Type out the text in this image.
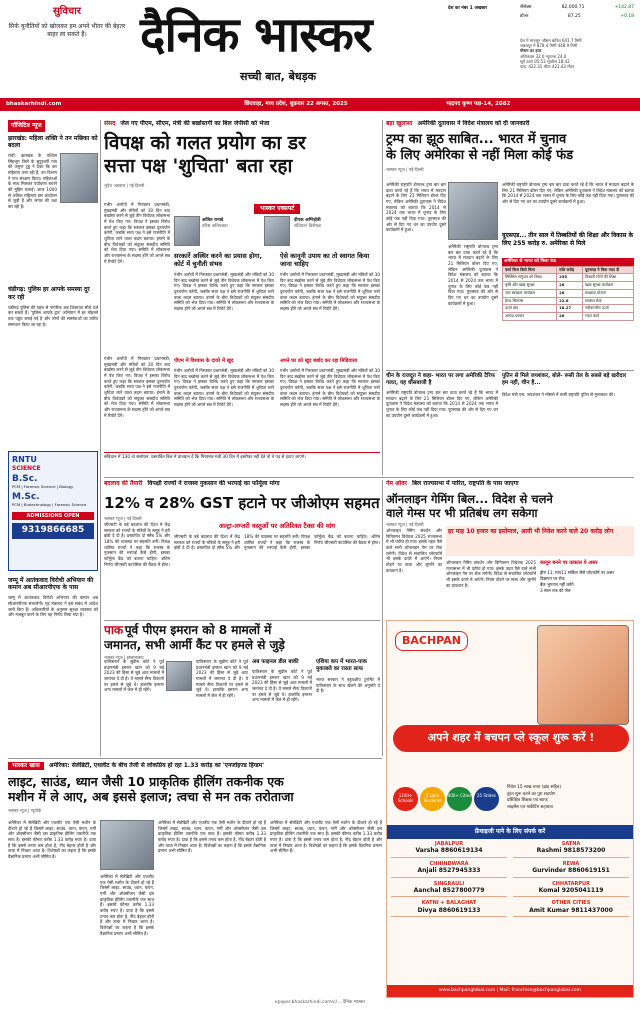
सुविचार
सिर्फ चुनौतियों को खोजकर हम अपने भीतर की बेहतर बाहर ला सकते हैं।	दैनिक भास्कर
सच्ची बात, बेधड़क
देश का नंबर 1 अखबार	सेंसेक्स	82,000.71	+142.87
डॉलर	87.25	+0.18
देश में मानसून औसत बारिश 641.7 मिमी
जबलपुर में 878.4 मिमी 448.9 मिमी
मौसम का हाल
अधिकतम 32.0 न्यूनतम 24.0
सूर्य उदय 05:53 सूर्यास्त 18:42
चांद: 422.31 मीटर 423.43 मीटर
bhaskarhindi.com	छिंदवाड़ा, मध्य प्रदेश, शुक्रवार 22 अगस्त, 2025	भाद्रपद कृष्ण पक्ष-14, 2082
पॉजिटिव न्यूज
झारखंड: महिला शक्ति ने तन मछिका को बदला
रांची: झारखंड के पश्चिम सिंहभूम जिले के सुदूरवर्ती गांव की जमुना टुडू ने ठेका कि कर महिलाएं जगा रही हैं, वन विभाग ने गांव संरक्षण किया। महिलाओं के साथ मिलकर पर्यावरण बचाने की मुहिम चलाई। आज 1000 से अधिक महिलाएं इस आंदोलन से जुड़ी हैं और जंगल की रक्षा कर रही हैं।
चंडीगढ़: पुलिस हर आपके समस्या दूर कर रही
चंडीगढ़ पुलिस की पहल से नागरिक अब शिकायत सीधे दर्ज कर सकते हैं। 'पुलिस आपके द्वार' अभियान में हर मोहल्ले तक पहुंच बनाई गई है और लोगों की समस्याओं का त्वरित समाधान किया जा रहा है।
RNTU
SCIENCE
B.Sc.
PCM | Forensic Science | Biology
M.Sc.
PCM | Biotechnology | Forensic Science
ADMISSIONS OPEN
9319866685
जम्मू में आतंकवाद विरोधी अभियान की कमान अब सीआरपीएफ के पास
जम्मू में आतंकवाद विरोधी अभियान की कमान अब सीआरपीएफ संभालेगी। गृह मंत्रालय ने इस संबंध में आदेश जारी किए हैं। अधिकारियों के अनुसार सुरक्षा व्यवस्था को और मजबूत करने के लिए यह निर्णय लिया गया है।
संसद जेल गए पीएम, सीएम, मंत्री की बर्खास्तगी का बिल जेपीसी को भेजा
विपक्ष को गलत प्रयोग का डर
सत्ता पक्ष 'शुचिता' बता रहा
भूपेश अग्रवाल | नई दिल्ली
गंभीर आरोपों में गिरफ्तार प्रधानमंत्री, मुख्यमंत्री और मंत्रियों को 30 दिन बाद बर्खास्त करने से जुड़े तीन विधेयक लोकसभा में पेश किए गए। विपक्ष ने इसका विरोध करते हुए कहा कि सरकार इसका दुरुपयोग करेगी, जबकि सत्ता पक्ष ने इसे राजनीति में शुचिता लाने वाला कदम बताया। हंगामे के बीच विधेयकों को संयुक्त संसदीय समिति को भेज दिया गया। समिति में लोकसभा और राज्यसभा के सदस्य होंगे जो अगले सत्र में रिपोर्ट देंगे।
भास्कर एक्सपर्ट
अजित रानाडे
वरिष्ठ अधिवक्ता
दीपक अग्निहोत्री
संविधान विशेषज्ञ
सरकारें अस्थिर करने का प्रयास होगा, कोर्ट में चुनौती संभव
ऐसे कानूनी उपाय का तो स्वागत किया जाना चाहिए
गंभीर आरोपों में गिरफ्तार प्रधानमंत्री, मुख्यमंत्री और मंत्रियों को 30 दिन बाद बर्खास्त करने से जुड़े तीन विधेयक लोकसभा में पेश किए गए। विपक्ष ने इसका विरोध करते हुए कहा कि सरकार इसका दुरुपयोग करेगी, जबकि सत्ता पक्ष ने इसे राजनीति में शुचिता लाने वाला कदम बताया। हंगामे के बीच विधेयकों को संयुक्त संसदीय समिति को भेज दिया गया। समिति में लोकसभा और राज्यसभा के सदस्य होंगे जो अगले सत्र में रिपोर्ट देंगे।
गंभीर आरोपों में गिरफ्तार प्रधानमंत्री, मुख्यमंत्री और मंत्रियों को 30 दिन बाद बर्खास्त करने से जुड़े तीन विधेयक लोकसभा में पेश किए गए। विपक्ष ने इसका विरोध करते हुए कहा कि सरकार इसका दुरुपयोग करेगी, जबकि सत्ता पक्ष ने इसे राजनीति में शुचिता लाने वाला कदम बताया। हंगामे के बीच विधेयकों को संयुक्त संसदीय समिति को भेज दिया गया। समिति में लोकसभा और राज्यसभा के सदस्य होंगे जो अगले सत्र में रिपोर्ट देंगे।
पीएम में विश्वास के दायरे में खुद	अपने घर को खुद बर्बाद कर रहा मिडियाला
गंभीर आरोपों में गिरफ्तार प्रधानमंत्री, मुख्यमंत्री और मंत्रियों को 30 दिन बाद बर्खास्त करने से जुड़े तीन विधेयक लोकसभा में पेश किए गए। विपक्ष ने इसका विरोध करते हुए कहा कि सरकार इसका दुरुपयोग करेगी, जबकि सत्ता पक्ष ने इसे राजनीति में शुचिता लाने वाला कदम बताया। हंगामे के बीच विधेयकों को संयुक्त संसदीय समिति को भेज दिया गया। समिति में लोकसभा और राज्यसभा के सदस्य होंगे जो अगले सत्र में रिपोर्ट देंगे।
गंभीर आरोपों में गिरफ्तार प्रधानमंत्री, मुख्यमंत्री और मंत्रियों को 30 दिन बाद बर्खास्त करने से जुड़े तीन विधेयक लोकसभा में पेश किए गए। विपक्ष ने इसका विरोध करते हुए कहा कि सरकार इसका दुरुपयोग करेगी, जबकि सत्ता पक्ष ने इसे राजनीति में शुचिता लाने वाला कदम बताया। हंगामे के बीच विधेयकों को संयुक्त संसदीय समिति को भेज दिया गया। समिति में लोकसभा और राज्यसभा के सदस्य होंगे जो अगले सत्र में रिपोर्ट देंगे।
गंभीर आरोपों में गिरफ्तार प्रधानमंत्री, मुख्यमंत्री और मंत्रियों को 30 दिन बाद बर्खास्त करने से जुड़े तीन विधेयक लोकसभा में पेश किए गए। विपक्ष ने इसका विरोध करते हुए कहा कि सरकार इसका दुरुपयोग करेगी, जबकि सत्ता पक्ष ने इसे राजनीति में शुचिता लाने वाला कदम बताया। हंगामे के बीच विधेयकों को संयुक्त संसदीय समिति को भेज दिया गया। समिति में लोकसभा और राज्यसभा के सदस्य होंगे जो अगले सत्र में रिपोर्ट देंगे।
संविधान में 130 वां संशोधन: प्रस्तावित बिल में प्रावधान है कि गिरफ्तार मंत्री 30 दिन में इस्तीफा नहीं देते तो वे पद से हटाए जाएंगे।
बड़ा खुलासा अमेरिकी दूतावास ने विदेश मंत्रालय को दी जानकारी
ट्रम्प का झूठ साबित... भारत में चुनाव
के लिए अमेरिका से नहीं मिला कोई फंड
भास्कर न्यूज | नई दिल्ली
अमेरिकी राष्ट्रपति डोनाल्ड ट्रम्प बार बार दावा करते रहे हैं कि भारत में मतदान बढ़ाने के लिए 21 मिलियन डॉलर दिए गए, लेकिन अमेरिकी दूतावास ने विदेश मंत्रालय को बताया कि 2014 से 2024 तक भारत में चुनाव के लिए कोई फंड नहीं दिया गया। यूएसएड की ओर से दिए गए धन का उपयोग दूसरे कार्यक्रमों में हुआ।
अमेरिकी राष्ट्रपति डोनाल्ड ट्रम्प बार बार दावा करते रहे हैं कि भारत में मतदान बढ़ाने के लिए 21 मिलियन डॉलर दिए गए, लेकिन अमेरिकी दूतावास ने विदेश मंत्रालय को बताया कि 2014 से 2024 तक भारत में चुनाव के लिए कोई फंड नहीं दिया गया। यूएसएड की ओर से दिए गए धन का उपयोग दूसरे कार्यक्रमों में हुआ।
अमेरिकी राष्ट्रपति डोनाल्ड ट्रम्प बार बार दावा करते रहे हैं कि भारत में मतदान बढ़ाने के लिए 21 मिलियन डॉलर दिए गए, लेकिन अमेरिकी दूतावास ने विदेश मंत्रालय को बताया कि 2014 से 2024 तक भारत में चुनाव के लिए कोई फंड नहीं दिया गया। यूएसएड की ओर से दिए गए धन का उपयोग दूसरे कार्यक्रमों में हुआ।
यूएसएड... तीन साल में तिब्बतियों की शिक्षा और विकास के लिए 255 करोड़ रु. अमेरिका से मिले
अमेरिका से भारत को मिला फंड
कार्य किस किसे मिला	राशि करोड़	यूएसएड ने किस मदद दी
सिक्किम समुदाय को शिक्षा	255	तिब्बती लोगों की शिक्षा
कृषि और खाद्य सुरक्षा	26	खाद्य सुरक्षा कार्यक्रम
जल स्वच्छता कार्यक्रम	26	स्वच्छता योजना
हैल्थ सिस्टम्स	22.8	स्वास्थ्य सेवा
ऊर्जा क्षेत्र	18.27	नवीकरणीय ऊर्जा
आपदा प्रबंधन	26	राहत कार्य
चीन के राजदूत ने कहा- भारत पर लगा अमेरिकी टैरिफ गलत, यह धौंसबाजी है
अमेरिकी राष्ट्रपति डोनाल्ड ट्रम्प बार बार दावा करते रहे हैं कि भारत में मतदान बढ़ाने के लिए 21 मिलियन डॉलर दिए गए, लेकिन अमेरिकी दूतावास ने विदेश मंत्रालय को बताया कि 2014 से 2024 तक भारत में चुनाव के लिए कोई फंड नहीं दिया गया। यूएसएड की ओर से दिए गए धन का उपयोग दूसरे कार्यक्रमों में हुआ।
पुतिन से मिले जयशंकर, बोले- रूसी तेल के सबसे बड़े खरीदार हम नहीं, चीन है...
विदेश मंत्री एस. जयशंकर ने मॉस्को में रूसी राष्ट्रपति पुतिन से मुलाकात की।
बदलाव की तैयारी विपक्षी राज्यों ने राजस्व नुकसान की भरपाई का फॉर्मूला मांगा
12% व 28% GST हटाने पर जीओएम सहमत
भास्कर न्यूज | नई दिल्ली
जीएसटी के बड़े बदलाव की दिशा में केंद्र सरकार को राज्यों के मंत्रियों के समूह ने हरी झंडी दे दी है। प्रस्तावित दो स्लैब 5% और 18% की व्यवस्था पर सहमति बनी। विपक्ष शासित राज्यों ने कहा कि राजस्व के नुकसान की भरपाई कैसे होगी, इसका फॉर्मूला केंद्र को बताना चाहिए। अंतिम निर्णय जीएसटी काउंसिल की बैठक में होगा।
अल्ट्रा-लग्जरी वस्तुओं पर अतिरिक्त टैक्स की मांग
जीएसटी के बड़े बदलाव की दिशा में केंद्र सरकार को राज्यों के मंत्रियों के समूह ने हरी झंडी दे दी है। प्रस्तावित दो स्लैब 5% और 18% की व्यवस्था पर सहमति बनी। विपक्ष शासित राज्यों ने कहा कि राजस्व के नुकसान की भरपाई कैसे होगी, इसका फॉर्मूला केंद्र को बताना चाहिए। अंतिम निर्णय जीएसटी काउंसिल की बैठक में होगा।
पाक पूर्व पीएम इमरान को 8 मामलों में
जमानत, सभी आर्मी कैंट पर हमले से जुड़े
भास्कर न्यूज | इस्लामाबाद
पाकिस्तान के सुप्रीम कोर्ट ने पूर्व प्रधानमंत्री इमरान खान को 9 मई 2023 की हिंसा से जुड़े आठ मामलों में जमानत दे दी है। ये मामले सैन्य ठिकानों पर हमले से जुड़े थे। हालांकि इमरान अन्य मामलों में जेल में ही रहेंगे।
पाकिस्तान के सुप्रीम कोर्ट ने पूर्व प्रधानमंत्री इमरान खान को 9 मई 2023 की हिंसा से जुड़े आठ मामलों में जमानत दे दी है। ये मामले सैन्य ठिकानों पर हमले से जुड़े थे। हालांकि इमरान अन्य मामलों में जेल में ही रहेंगे।
अब फाइनल डील बाकी
पाकिस्तान के सुप्रीम कोर्ट ने पूर्व प्रधानमंत्री इमरान खान को 9 मई 2023 की हिंसा से जुड़े आठ मामलों में जमानत दे दी है। ये मामले सैन्य ठिकानों पर हमले से जुड़े थे। हालांकि इमरान अन्य मामलों में जेल में ही रहेंगे।
एशिया कप में भारत-पाक मुकाबले का रास्ता साफ
भारत सरकार ने बहुपक्षीय टूर्नामेंट में पाकिस्तान के साथ खेलने की अनुमति दे दी है।
गेम ओवर बिल राज्यसभा में पारित, राष्ट्रपति के पास जाएगा
ऑनलाइन गेमिंग बिल... विदेश से चलने
वाले गेम्स पर भी प्रतिबंध लग सकेगा
भास्कर न्यूज | नई दिल्ली
ऑनलाइन गेमिंग संवर्धन और विनियमन विधेयक 2025 राज्यसभा में भी पारित हो गया। इसके तहत पैसे वाले सभी ऑनलाइन गेम पर रोक लगेगी। विदेश से संचालित प्लेटफॉर्म भी इसके दायरे में आएंगे। नियम तोड़ने पर सजा और जुर्माने का प्रावधान है।
हर माह 10 हजार का इस्तेमाल, आयी भी निवेश करने वाले 20 करोड़ लोग
ऑनलाइन गेमिंग संवर्धन और विनियमन विधेयक 2025 राज्यसभा में भी पारित हो गया। इसके तहत पैसे वाले सभी ऑनलाइन गेम पर रोक लगेगी। विदेश से संचालित प्लेटफॉर्म भी इसके दायरे में आएंगे। नियम तोड़ने पर सजा और जुर्माने का प्रावधान है।
कानून बनने पर तत्काल ये असर
ड्रीम 11, माय11 सर्किल जैसे प्लेटफॉर्म पर असर
विज्ञापन पर रोक
बैंक भुगतान नहीं करेंगे
3 साल तक की जेल
BACHPAN
अपने शहर में बचपन प्ले स्कूल शुरू करें !
1200+ Schools
2 Lakh Students
400+ Cities	25 States
निवेश 15 लाख रुपए (ब्रांड सहित)
तुरंत शुरू करने का पूरा सहयोग
प्रशिक्षित शिक्षक एवं स्टाफ
लाइसेंस एवं मार्केटिंग सहायता
फ्रेंचाइजी पाने के लिए संपर्क करें
JABALPUR
Varsha 8860619134
SATNA
Rashmi 9818573200
CHHINDWARA
Anjali 8527945333
REWA
Gurvinder 8860619151
SINGRAULI
Aanchal 8527800779
CHHATARPUR
Komal 9205041119
KATNI + BALAGHAT
Divya 8860619133
OTHER CITIES
Amit Kumar 9811437000
www.bachpanglobal.com | Mail: franchise@bachpanglobal.com
भास्कर खास अमेरिका: सेलेब्रिटी, एथलीट के बीच तेजी से लोकप्रिय हो रहा 1.33 करोड़ का 'एनर्जाइज्ड हिंग्डम'
लाइट, साउंड, ध्यान जैसी 10 प्राकृतिक हीलिंग तकनीक एक
मशीन में ले आए, अब इससे इलाज; त्वचा से मन तक तरोताजा
भास्कर न्यूज | न्यूयॉर्क
अमेरिका में सेलेब्रिटी और एथलीट एक ऐसी मशीन के दीवाने हो रहे हैं जिसमें लाइट, साउंड, ध्यान, कंपन, गर्मी और ऑक्सीजन जैसी दस प्राकृतिक हीलिंग तकनीकें एक साथ हैं। इसकी कीमत करीब 1.33 करोड़ रुपए है। दावा है कि इससे तनाव कम होता है, नींद बेहतर होती है और त्वचा में निखार आता है। विशेषज्ञों का कहना है कि इसके वैज्ञानिक प्रमाण अभी सीमित हैं।
अमेरिका में सेलेब्रिटी और एथलीट एक ऐसी मशीन के दीवाने हो रहे हैं जिसमें लाइट, साउंड, ध्यान, कंपन, गर्मी और ऑक्सीजन जैसी दस प्राकृतिक हीलिंग तकनीकें एक साथ हैं। इसकी कीमत करीब 1.33 करोड़ रुपए है। दावा है कि इससे तनाव कम होता है, नींद बेहतर होती है और त्वचा में निखार आता है। विशेषज्ञों का कहना है कि इसके वैज्ञानिक प्रमाण अभी सीमित हैं।
अमेरिका में सेलेब्रिटी और एथलीट एक ऐसी मशीन के दीवाने हो रहे हैं जिसमें लाइट, साउंड, ध्यान, कंपन, गर्मी और ऑक्सीजन जैसी दस प्राकृतिक हीलिंग तकनीकें एक साथ हैं। इसकी कीमत करीब 1.33 करोड़ रुपए है। दावा है कि इससे तनाव कम होता है, नींद बेहतर होती है और त्वचा में निखार आता है। विशेषज्ञों का कहना है कि इसके वैज्ञानिक प्रमाण अभी सीमित हैं।
अमेरिका में सेलेब्रिटी और एथलीट एक ऐसी मशीन के दीवाने हो रहे हैं जिसमें लाइट, साउंड, ध्यान, कंपन, गर्मी और ऑक्सीजन जैसी दस प्राकृतिक हीलिंग तकनीकें एक साथ हैं। इसकी कीमत करीब 1.33 करोड़ रुपए है। दावा है कि इससे तनाव कम होता है, नींद बेहतर होती है और त्वचा में निखार आता है। विशेषज्ञों का कहना है कि इसके वैज्ञानिक प्रमाण अभी सीमित हैं।
epaper.bhaskarhindi.com/c/... दैनिक भास्कर
